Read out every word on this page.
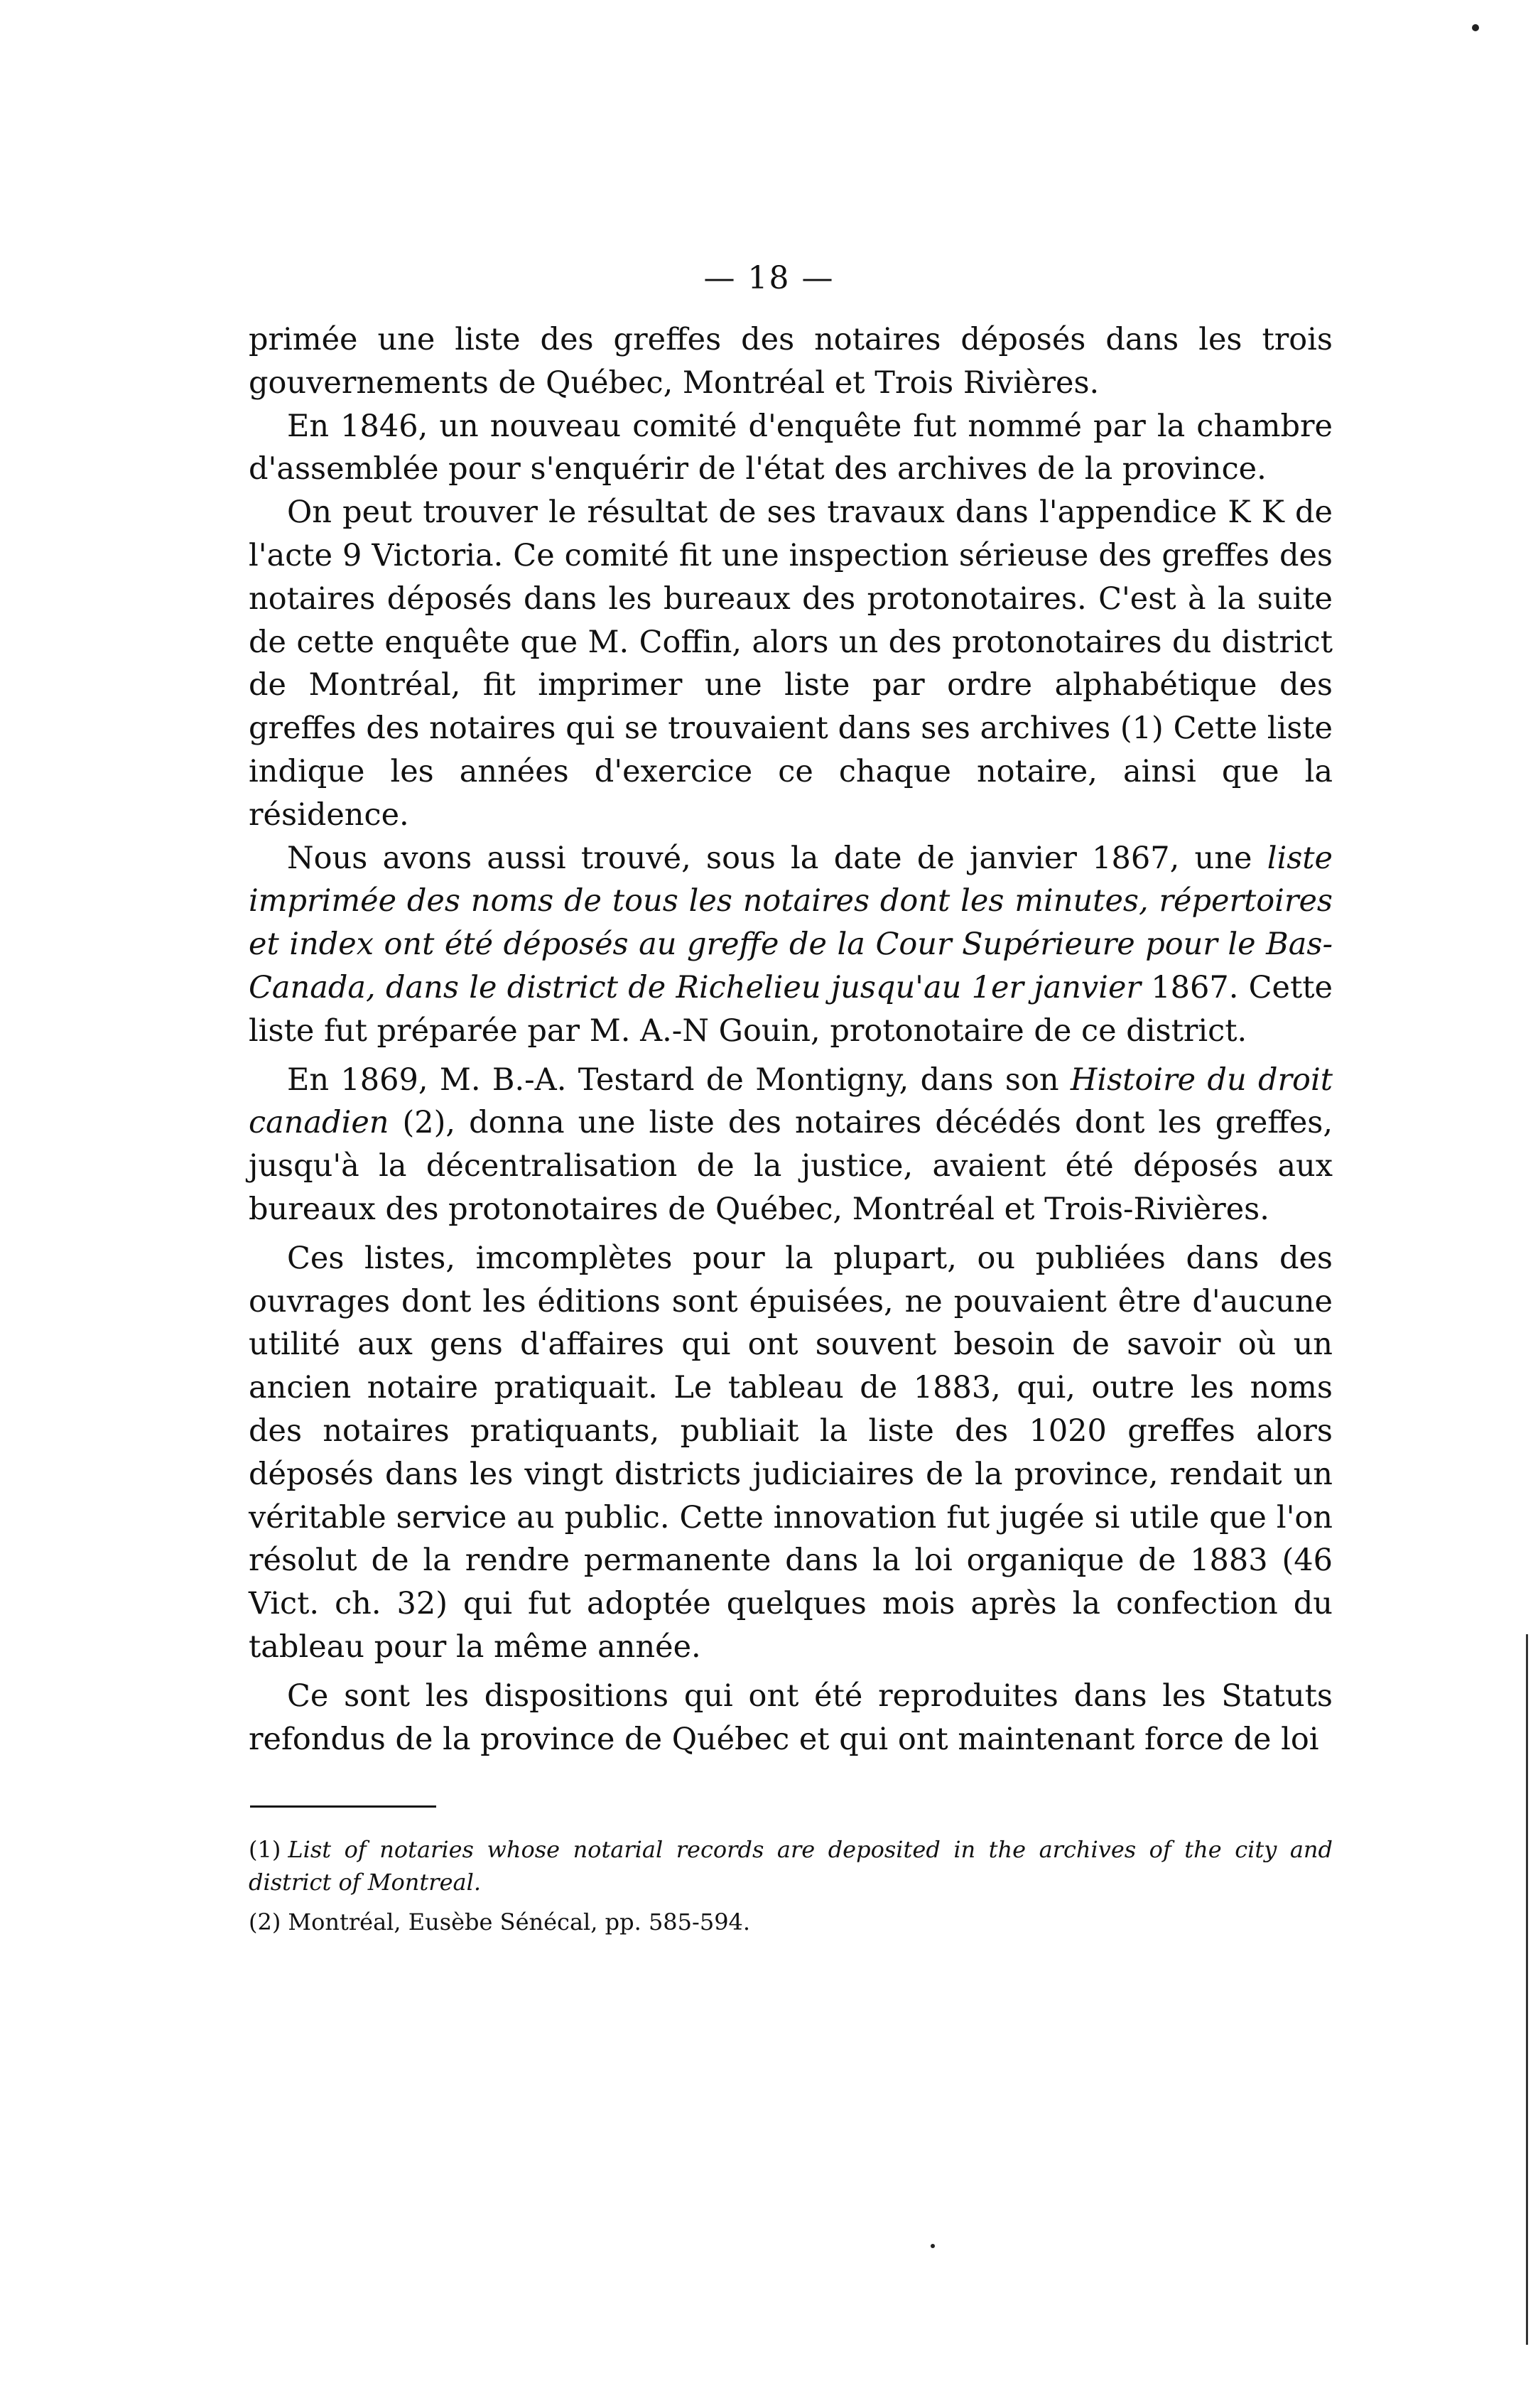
— 18 —

primée une liste des greffes des notaires déposés dans les trois gouvernements de Québec, Montréal et Trois Rivières.

En 1846, un nouveau comité d'enquête fut nommé par la chambre d'assemblée pour s'enquérir de l'état des archives de la province.

On peut trouver le résultat de ses travaux dans l'appendice K K de l'acte 9 Victoria. Ce comité fit une inspection sérieuse des greffes des notaires déposés dans les bureaux des protonotaires. C'est à la suite de cette enquête que M. Coffin, alors un des protonotaires du district de Montréal, fit imprimer une liste par ordre alphabétique des greffes des notaires qui se trouvaient dans ses archives (1) Cette liste indique les années d'exercice ce chaque notaire, ainsi que la résidence.

Nous avons aussi trouvé, sous la date de janvier 1867, une liste imprimée des noms de tous les notaires dont les minutes, répertoires et index ont été déposés au greffe de la Cour Supérieure pour le Bas-Canada, dans le district de Richelieu jusqu'au 1er janvier 1867. Cette liste fut préparée par M. A.-N Gouin, protonotaire de ce district.

En 1869, M. B.-A. Testard de Montigny, dans son Histoire du droit canadien (2), donna une liste des notaires décédés dont les greffes, jusqu'à la décentralisation de la justice, avaient été déposés aux bureaux des protonotaires de Québec, Montréal et Trois-Rivières.

Ces listes, imcomplètes pour la plupart, ou publiées dans des ouvrages dont les éditions sont épuisées, ne pouvaient être d'aucune utilité aux gens d'affaires qui ont souvent besoin de savoir où un ancien notaire pratiquait. Le tableau de 1883, qui, outre les noms des notaires pratiquants, publiait la liste des 1020 greffes alors déposés dans les vingt districts judiciaires de la province, rendait un véritable service au public. Cette innovation fut jugée si utile que l'on résolut de la rendre permanente dans la loi organique de 1883 (46 Vict. ch. 32) qui fut adoptée quelques mois après la confection du tableau pour la même année.

Ce sont les dispositions qui ont été reproduites dans les Statuts refondus de la province de Québec et qui ont maintenant force de loi

(1) List of notaries whose notarial records are deposited in the archives of the city and district of Montreal.

(2) Montréal, Eusèbe Sénécal, pp. 585-594.
